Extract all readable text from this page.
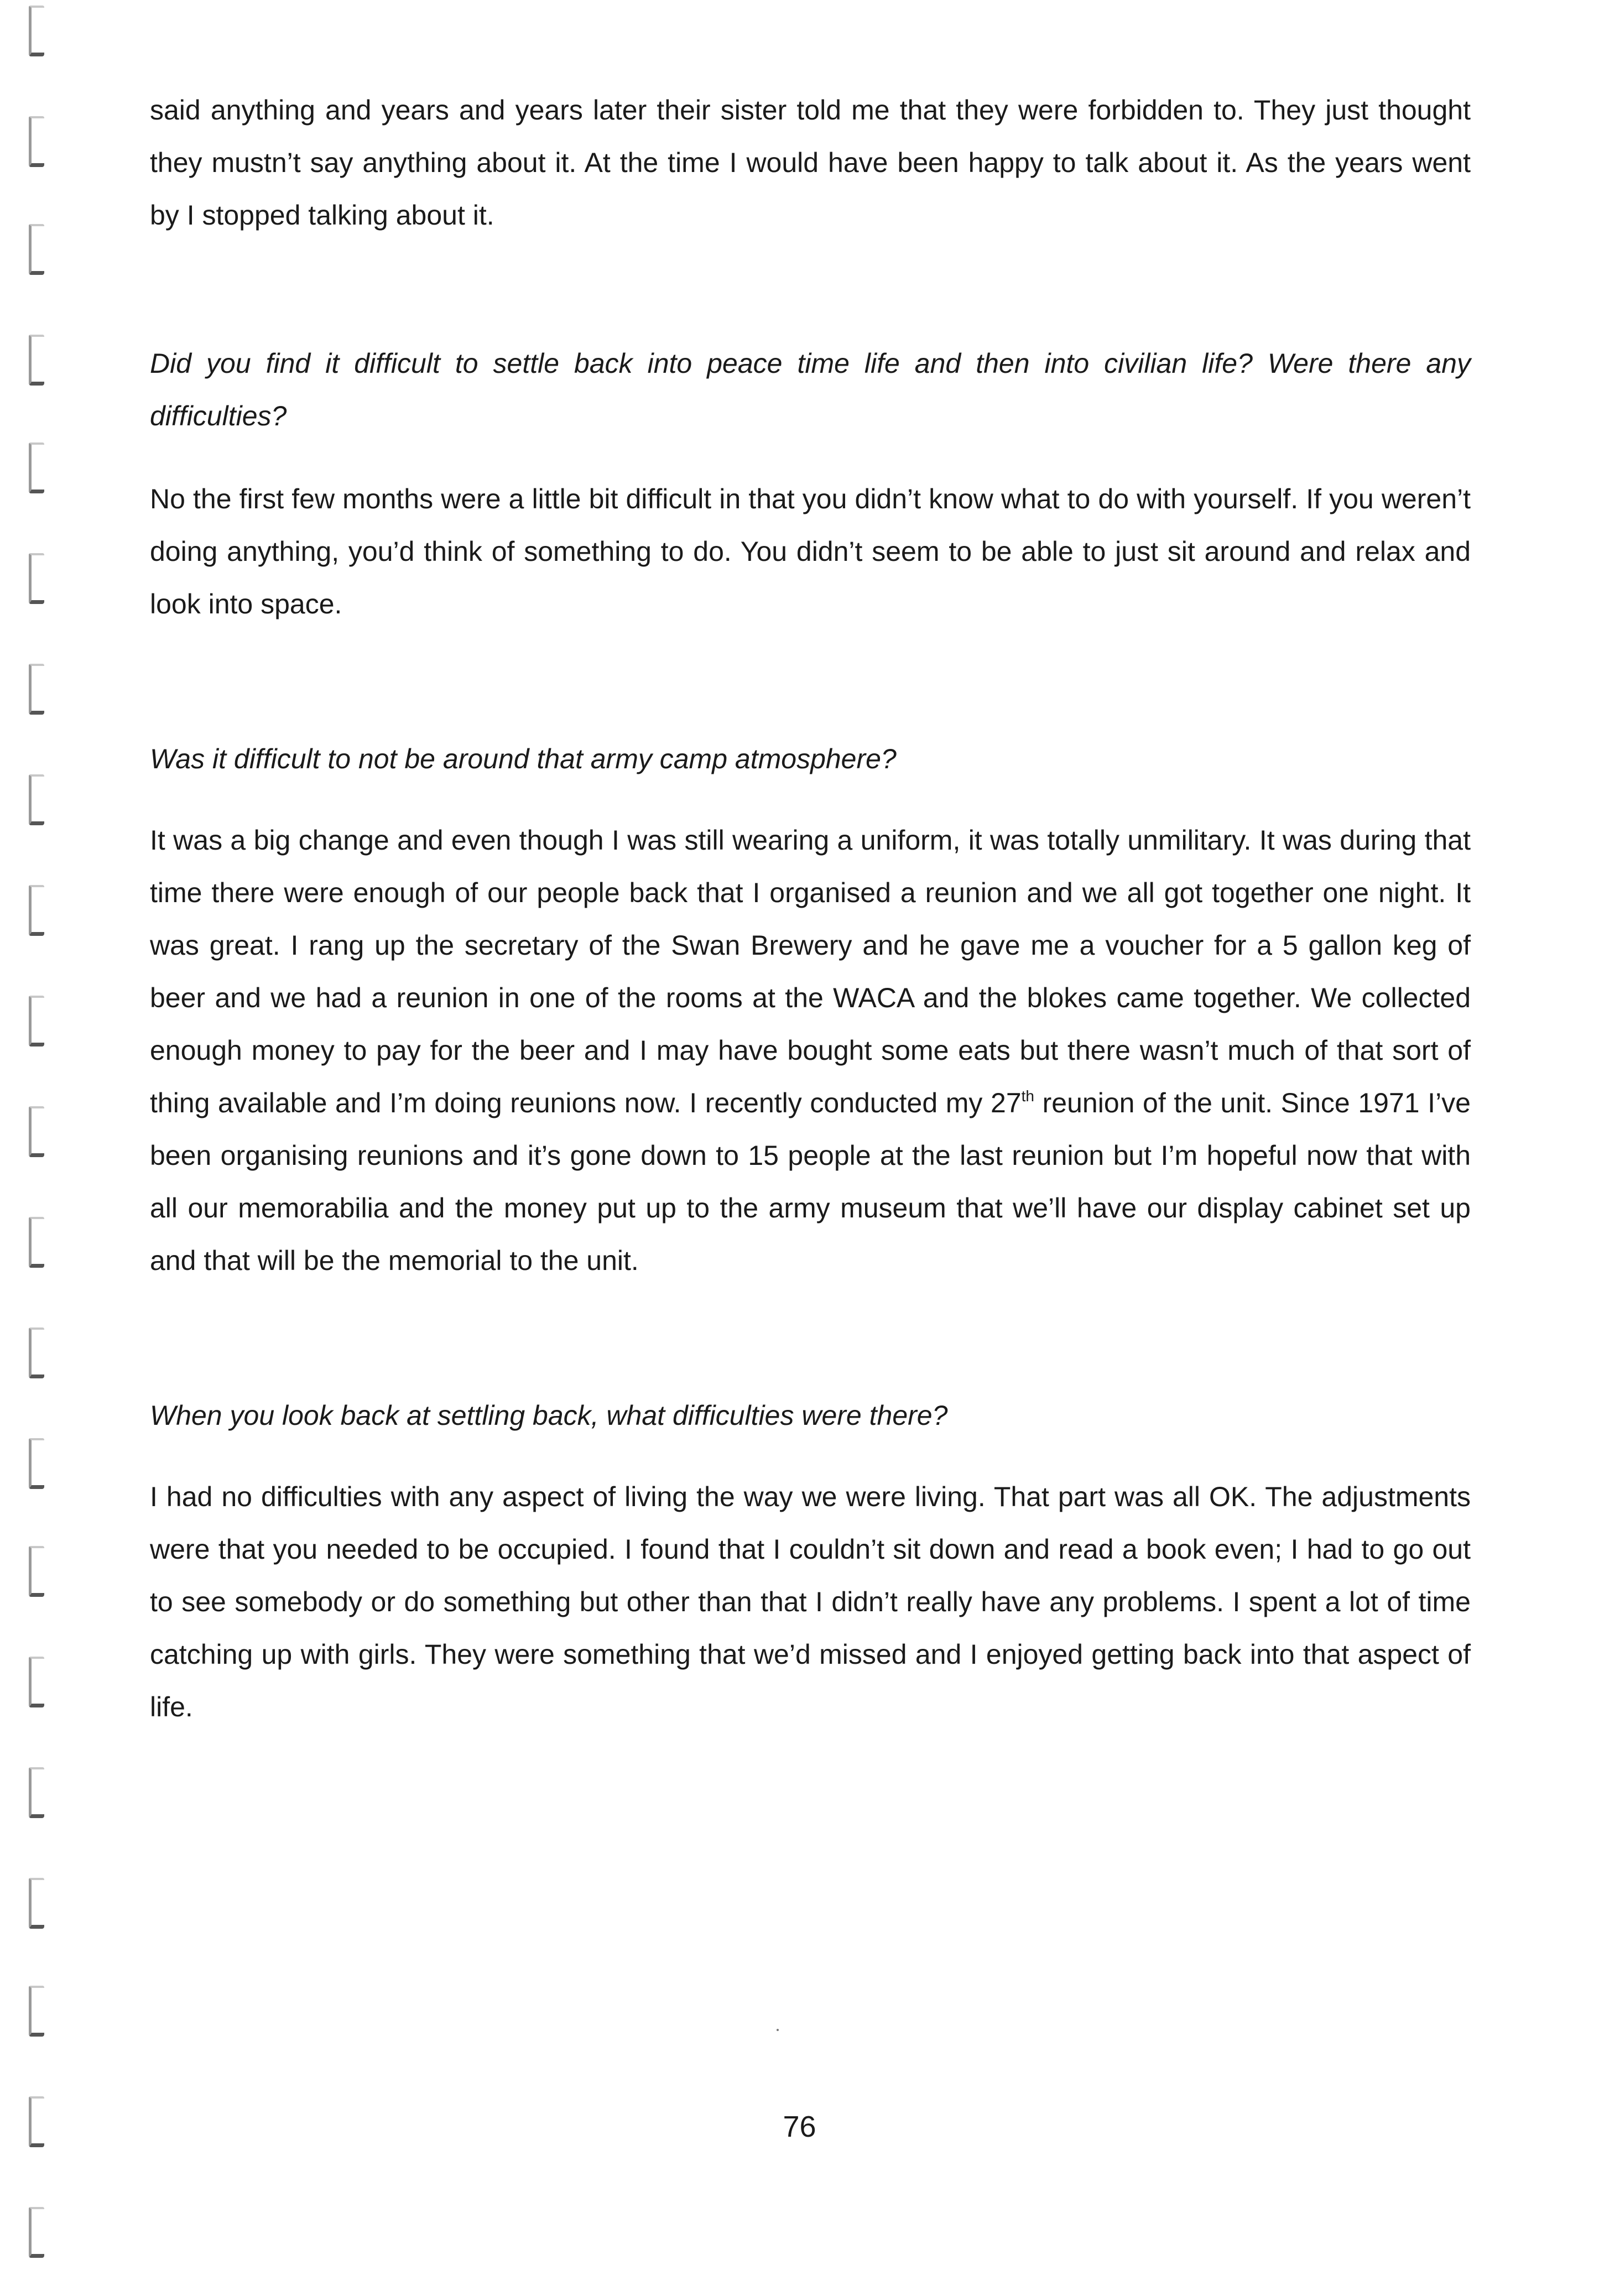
said anything and years and years later their sister told me that they were forbidden to. They just thought they mustn’t say anything about it. At the time I would have been happy to talk about it. As the years went by I stopped talking about it.

Did you find it difficult to settle back into peace time life and then into civilian life? Were there any difficulties?

No the first few months were a little bit difficult in that you didn’t know what to do with yourself. If you weren’t doing anything, you’d think of something to do. You didn’t seem to be able to just sit around and relax and look into space.

Was it difficult to not be around that army camp atmosphere?

It was a big change and even though I was still wearing a uniform, it was totally unmilitary. It was during that time there were enough of our people back that I organised a reunion and we all got together one night. It was great. I rang up the secretary of the Swan Brewery and he gave me a voucher for a 5 gallon keg of beer and we had a reunion in one of the rooms at the WACA and the blokes came together. We collected enough money to pay for the beer and I may have bought some eats but there wasn’t much of that sort of thing available and I’m doing reunions now. I recently conducted my 27th reunion of the unit. Since 1971 I’ve been organising reunions and it’s gone down to 15 people at the last reunion but I’m hopeful now that with all our memorabilia and the money put up to the army museum that we’ll have our display cabinet set up and that will be the memorial to the unit.

When you look back at settling back, what difficulties were there?

I had no difficulties with any aspect of living the way we were living. That part was all OK. The adjustments were that you needed to be occupied. I found that I couldn’t sit down and read a book even; I had to go out to see somebody or do something but other than that I didn’t really have any problems. I spent a lot of time catching up with girls. They were something that we’d missed and I enjoyed getting back into that aspect of life.

76
